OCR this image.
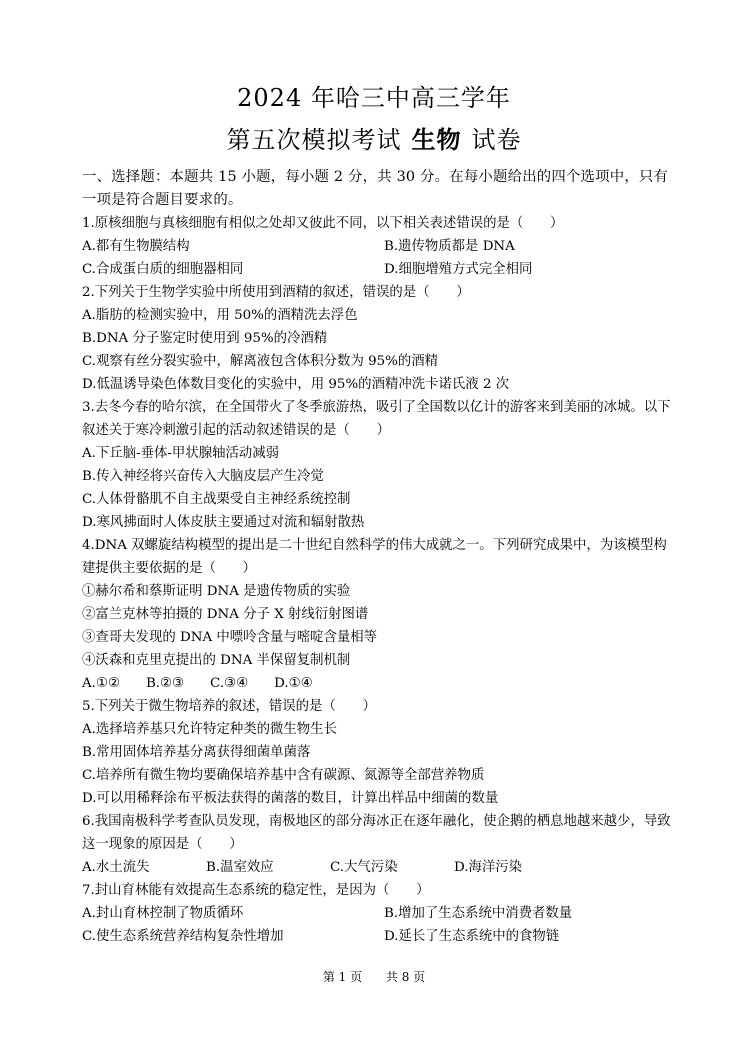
2024 年哈三中高三学年
第五次模拟考试 生物 试卷
一、选择题：本题共 15 小题，每小题 2 分，共 30 分。在每小题给出的四个选项中，只有一项是符合题目要求的。
1.原核细胞与真核细胞有相似之处却又彼此不同，以下相关表述错误的是（　　）
A.都有生物膜结构	B.遗传物质都是 DNA
C.合成蛋白质的细胞器相同	D.细胞增殖方式完全相同
2.下列关于生物学实验中所使用到酒精的叙述，错误的是（　　）
A.脂肪的检测实验中，用 50%的酒精洗去浮色
B.DNA 分子鉴定时使用到 95%的冷酒精
C.观察有丝分裂实验中，解离液包含体积分数为 95%的酒精
D.低温诱导染色体数目变化的实验中，用 95%的酒精冲洗卡诺氏液 2 次
3.去冬今春的哈尔滨，在全国带火了冬季旅游热，吸引了全国数以亿计的游客来到美丽的冰城。以下叙述关于寒冷刺激引起的活动叙述错误的是（　　）
A.下丘脑-垂体-甲状腺轴活动减弱
B.传入神经将兴奋传入大脑皮层产生冷觉
C.人体骨骼肌不自主战栗受自主神经系统控制
D.寒风拂面时人体皮肤主要通过对流和辐射散热
4.DNA 双螺旋结构模型的提出是二十世纪自然科学的伟大成就之一。下列研究成果中，为该模型构建提供主要依据的是（　　）
①赫尔希和蔡斯证明 DNA 是遗传物质的实验
②富兰克林等拍摄的 DNA 分子 X 射线衍射图谱
③查哥夫发现的 DNA 中嘌呤含量与嘧啶含量相等
④沃森和克里克提出的 DNA 半保留复制机制
A.①② B.②③ C.③④ D.①④
5.下列关于微生物培养的叙述，错误的是（　　）
A.选择培养基只允许特定种类的微生物生长
B.常用固体培养基分离获得细菌单菌落
C.培养所有微生物均要确保培养基中含有碳源、氮源等全部营养物质
D.可以用稀释涂布平板法获得的菌落的数目，计算出样品中细菌的数量
6.我国南极科学考查队员发现，南极地区的部分海冰正在逐年融化，使企鹅的栖息地越来越少，导致这一现象的原因是（　　）
A.水土流失	B.温室效应	C.大气污染	D.海洋污染
7.封山育林能有效提高生态系统的稳定性，是因为（　　）
A.封山育林控制了物质循环	B.增加了生态系统中消费者数量
C.使生态系统营养结构复杂性增加	D.延长了生态系统中的食物链
第 1 页 共 8 页
